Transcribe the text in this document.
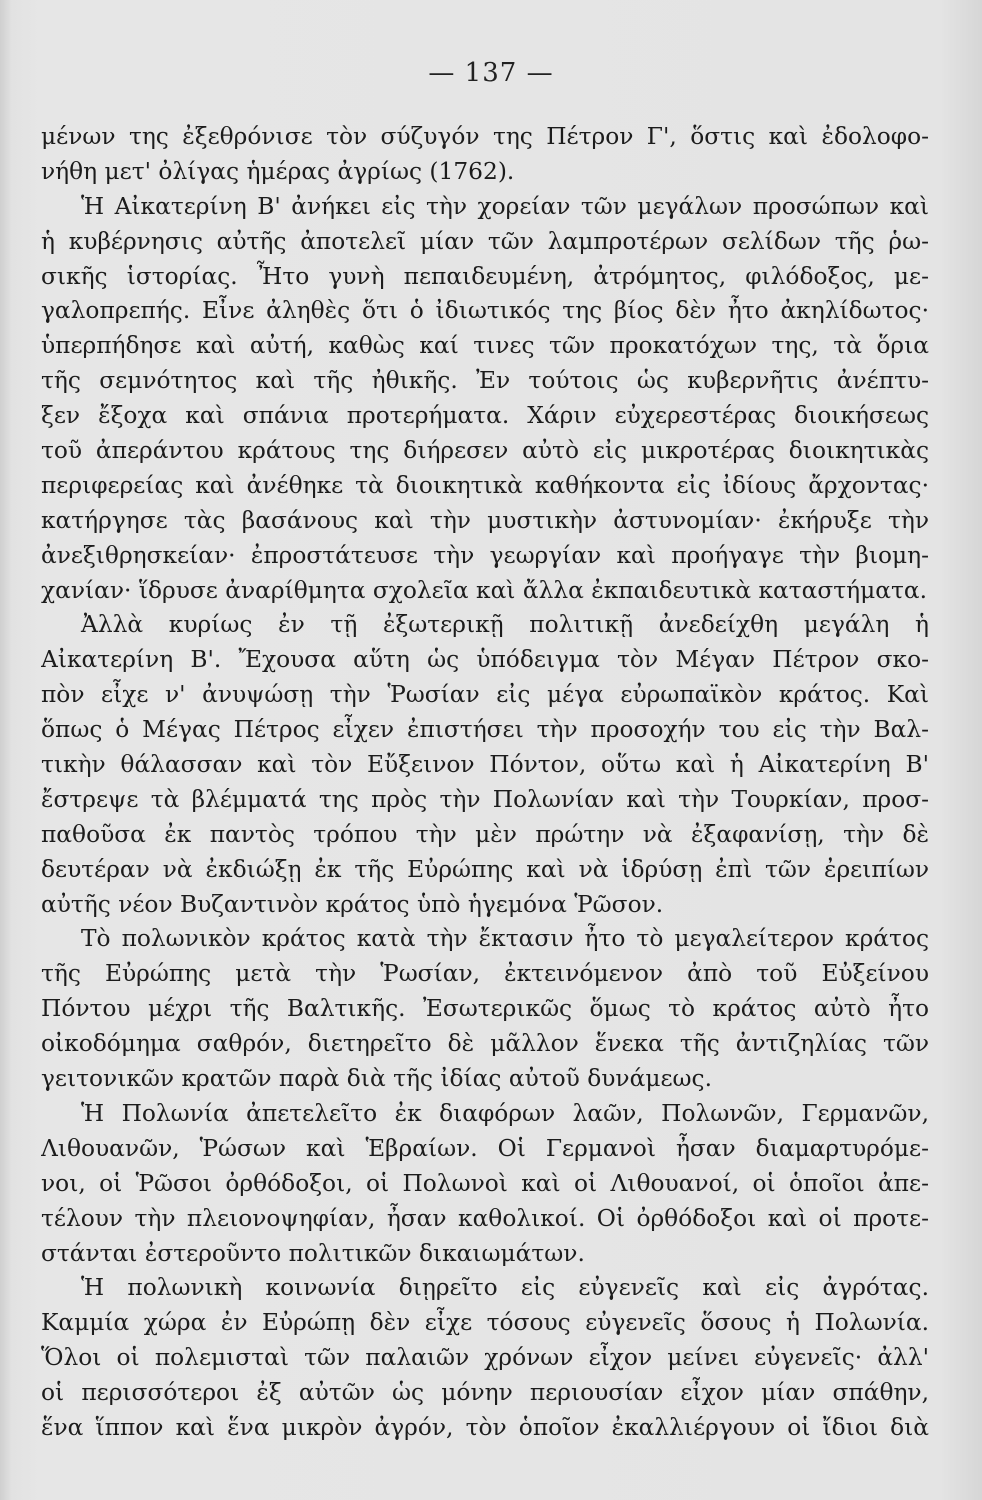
— 137 —
μένων της ἐξεθρόνισε τὸν σύζυγόν της Πέτρον Γ', ὅστις καὶ ἐδολοφο-
νήθη μετ' ὀλίγας ἡμέρας ἀγρίως (1762).
Ἡ Αἰκατερίνη Β' ἀνήκει εἰς τὴν χορείαν τῶν μεγάλων προσώπων καὶ
ἡ κυβέρνησις αὐτῆς ἀποτελεῖ μίαν τῶν λαμπροτέρων σελίδων τῆς ῥω-
σικῆς ἱστορίας. Ἦτο γυνὴ πεπαιδευμένη, ἀτρόμητος, φιλόδοξος, με-
γαλοπρεπής. Εἶνε ἀληθὲς ὅτι ὁ ἰδιωτικός της βίος δὲν ἦτο ἀκηλίδωτος·
ὑπερπήδησε καὶ αὐτή, καθὼς καί τινες τῶν προκατόχων της, τὰ ὅρια
τῆς σεμνότητος καὶ τῆς ἠθικῆς. Ἐν τούτοις ὡς κυβερνῆτις ἀνέπτυ-
ξεν ἔξοχα καὶ σπάνια προτερήματα. Χάριν εὐχερεστέρας διοικήσεως
τοῦ ἀπεράντου κράτους της διήρεσεν αὐτὸ εἰς μικροτέρας διοικητικὰς
περιφερείας καὶ ἀνέθηκε τὰ διοικητικὰ καθήκοντα εἰς ἰδίους ἄρχοντας·
κατήργησε τὰς βασάνους καὶ τὴν μυστικὴν ἀστυνομίαν· ἐκήρυξε τὴν
ἀνεξιθρησκείαν· ἐπροστάτευσε τὴν γεωργίαν καὶ προήγαγε τὴν βιομη-
χανίαν· ἵδρυσε ἀναρίθμητα σχολεῖα καὶ ἄλλα ἐκπαιδευτικὰ καταστήματα.
Ἀλλὰ κυρίως ἐν τῇ ἐξωτερικῇ πολιτικῇ ἀνεδείχθη μεγάλη ἡ
Αἰκατερίνη Β'. Ἔχουσα αὕτη ὡς ὑπόδειγμα τὸν Μέγαν Πέτρον σκο-
πὸν εἶχε ν' ἀνυψώσῃ τὴν Ῥωσίαν εἰς μέγα εὐρωπαϊκὸν κράτος. Καὶ
ὅπως ὁ Μέγας Πέτρος εἶχεν ἐπιστήσει τὴν προσοχήν του εἰς τὴν Βαλ-
τικὴν θάλασσαν καὶ τὸν Εὔξεινον Πόντον, οὕτω καὶ ἡ Αἰκατερίνη Β'
ἔστρεψε τὰ βλέμματά της πρὸς τὴν Πολωνίαν καὶ τὴν Τουρκίαν, προσ-
παθοῦσα ἐκ παντὸς τρόπου τὴν μὲν πρώτην νὰ ἐξαφανίσῃ, τὴν δὲ
δευτέραν νὰ ἐκδιώξῃ ἐκ τῆς Εὐρώπης καὶ νὰ ἱδρύσῃ ἐπὶ τῶν ἐρειπίων
αὐτῆς νέον Βυζαντινὸν κράτος ὑπὸ ἡγεμόνα Ῥῶσον.
Τὸ πολωνικὸν κράτος κατὰ τὴν ἔκτασιν ἦτο τὸ μεγαλείτερον κράτος
τῆς Εὐρώπης μετὰ τὴν Ῥωσίαν, ἐκτεινόμενον ἀπὸ τοῦ Εὐξείνου
Πόντου μέχρι τῆς Βαλτικῆς. Ἐσωτερικῶς ὅμως τὸ κράτος αὐτὸ ἦτο
οἰκοδόμημα σαθρόν, διετηρεῖτο δὲ μᾶλλον ἕνεκα τῆς ἀντιζηλίας τῶν
γειτονικῶν κρατῶν παρὰ διὰ τῆς ἰδίας αὐτοῦ δυνάμεως.
Ἡ Πολωνία ἀπετελεῖτο ἐκ διαφόρων λαῶν, Πολωνῶν, Γερμανῶν,
Λιθουανῶν, Ῥώσων καὶ Ἑβραίων. Οἱ Γερμανοὶ ἦσαν διαμαρτυρόμε-
νοι, οἱ Ῥῶσοι ὀρθόδοξοι, οἱ Πολωνοὶ καὶ οἱ Λιθουανοί, οἱ ὁποῖοι ἀπε-
τέλουν τὴν πλειονοψηφίαν, ἦσαν καθολικοί. Οἱ ὀρθόδοξοι καὶ οἱ προτε-
στάνται ἐστεροῦντο πολιτικῶν δικαιωμάτων.
Ἡ πολωνικὴ κοινωνία διῃρεῖτο εἰς εὐγενεῖς καὶ εἰς ἀγρότας.
Καμμία χώρα ἐν Εὐρώπῃ δὲν εἶχε τόσους εὐγενεῖς ὅσους ἡ Πολωνία.
Ὅλοι οἱ πολεμισταὶ τῶν παλαιῶν χρόνων εἶχον μείνει εὐγενεῖς· ἀλλ'
οἱ περισσότεροι ἐξ αὐτῶν ὡς μόνην περιουσίαν εἶχον μίαν σπάθην,
ἕνα ἵππον καὶ ἕνα μικρὸν ἀγρόν, τὸν ὁποῖον ἐκαλλιέργουν οἱ ἴδιοι διὰ
